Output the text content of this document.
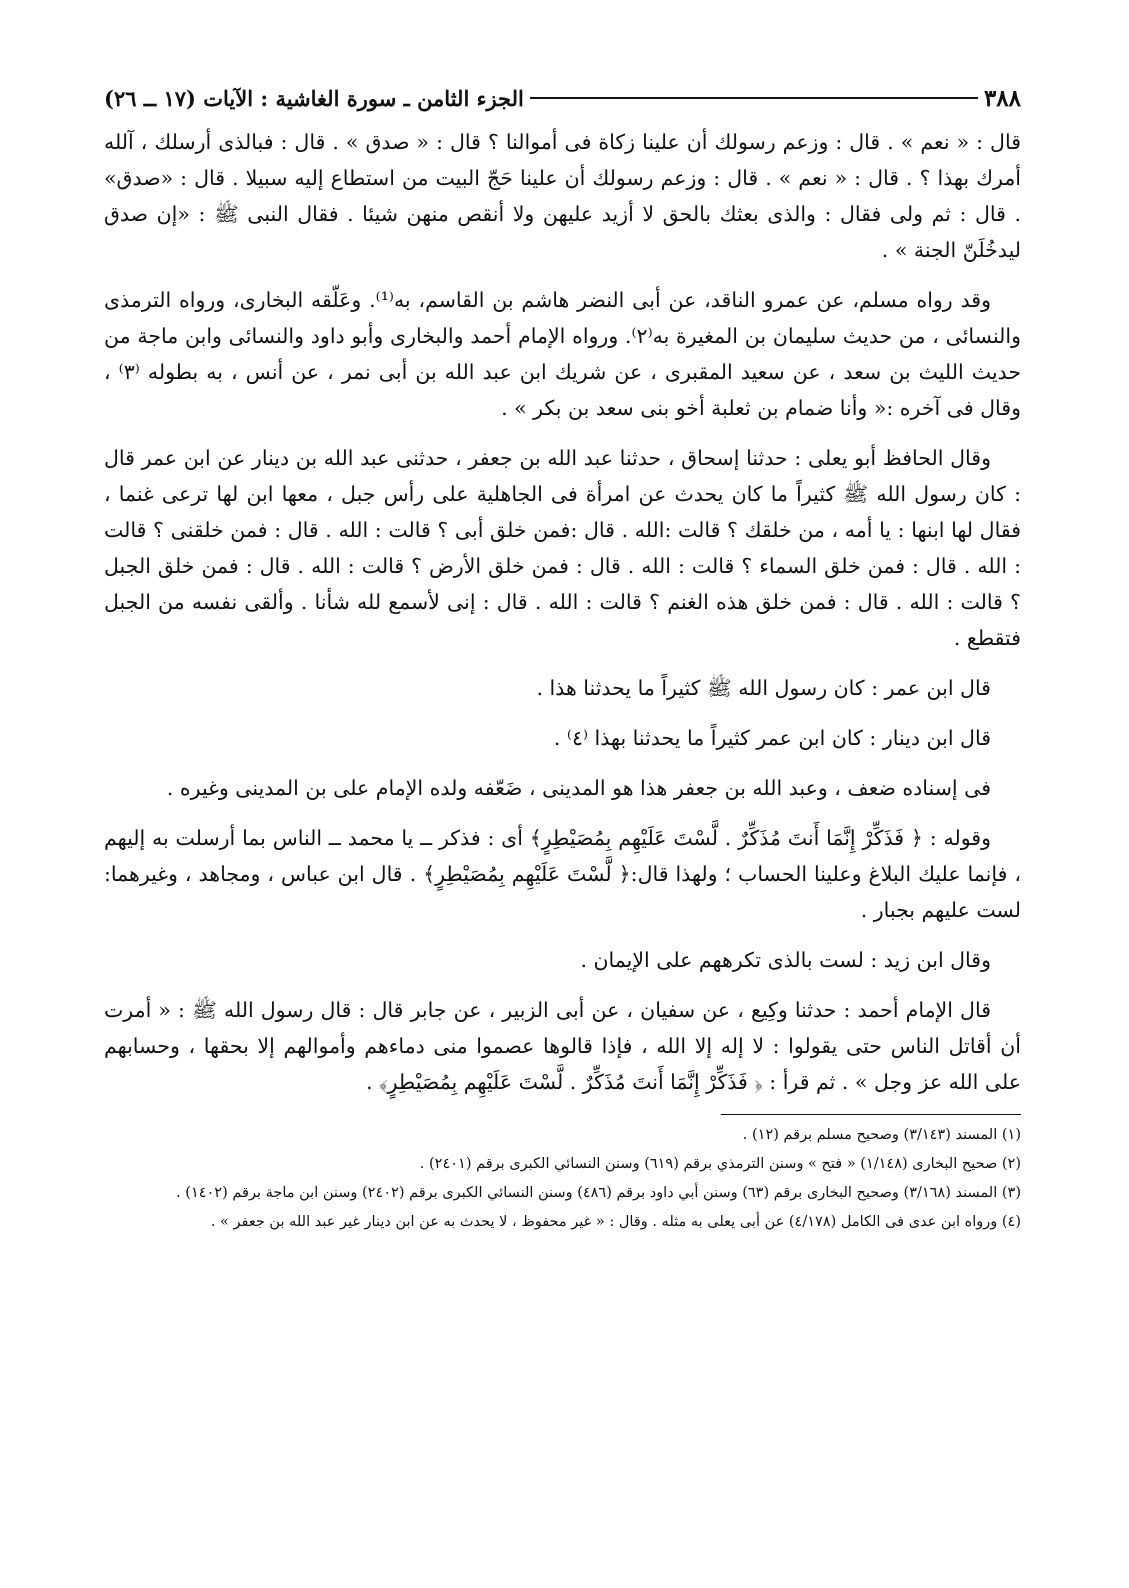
٣٨٨
الجزء الثامن ـ سورة الغاشية : الآيات (١٧ ــ ٢٦)

قال : « نعم » . قال : وزعم رسولك أن علينا زكاة فى أموالنا ؟ قال : « صدق » . قال : فبالذى أرسلك ، آلله أمرك بهذا ؟ . قال : « نعم » . قال : وزعم رسولك أن علينا حَجّ البيت من استطاع إليه سبيلا . قال : «صدق» . قال : ثم ولى فقال : والذى بعثك بالحق لا أزيد عليهن ولا أنقص منهن شيئا . فقال النبى ﷺ : «إن صدق ليدخُلَنّ الجنة » .

وقد رواه مسلم، عن عمرو الناقد، عن أبى النضر هاشم بن القاسم، به⁽¹⁾. وعَلّقه البخارى، ورواه الترمذى والنسائى ، من حديث سليمان بن المغيرة به⁽٢⁾. ورواه الإمام أحمد والبخارى وأبو داود والنسائى وابن ماجة من حديث الليث بن سعد ، عن سعيد المقبرى ، عن شريك ابن عبد الله بن أبى نمر ، عن أنس ، به بطوله ⁽٣⁾ ، وقال فى آخره :« وأنا ضمام بن ثعلبة أخو بنى سعد بن بكر » .

وقال الحافظ أبو يعلى : حدثنا إسحاق ، حدثنا عبد الله بن جعفر ، حدثنى عبد الله بن دينار عن ابن عمر قال : كان رسول الله ﷺ كثيراً ما كان يحدث عن امرأة فى الجاهلية على رأس جبل ، معها ابن لها ترعى غنما ، فقال لها ابنها : يا أمه ، من خلقك ؟ قالت :الله . قال :فمن خلق أبى ؟ قالت : الله . قال : فمن خلقنى ؟ قالت : الله . قال : فمن خلق السماء ؟ قالت : الله . قال : فمن خلق الأرض ؟ قالت : الله . قال : فمن خلق الجبل ؟ قالت : الله . قال : فمن خلق هذه الغنم ؟ قالت : الله . قال : إنى لأسمع لله شأنا . وألقى نفسه من الجبل فتقطع .

قال ابن عمر : كان رسول الله ﷺ كثيراً ما يحدثنا هذا .

قال ابن دينار : كان ابن عمر كثيراً ما يحدثنا بهذا ⁽٤⁾ .

فى إسناده ضعف ، وعبد الله بن جعفر هذا هو المدينى ، ضَعّفه ولده الإمام على بن المدينى وغيره .

وقوله : ﴿ فَذَكِّرْ إِنَّمَا أَنتَ مُذَكِّرٌ . لَّسْتَ عَلَيْهِم بِمُصَيْطِرٍ﴾ أى : فذكر ــ يا محمد ــ الناس بما أرسلت به إليهم ، فإنما عليك البلاغ وعلينا الحساب ؛ ولهذا قال:﴿ لَّسْتَ عَلَيْهِم بِمُصَيْطِرٍ﴾ . قال ابن عباس ، ومجاهد ، وغيرهما: لست عليهم بجبار .

وقال ابن زيد : لست بالذى تكرههم على الإيمان .

قال الإمام أحمد : حدثنا وكِيع ، عن سفيان ، عن أبى الزبير ، عن جابر قال : قال رسول الله ﷺ : « أمرت أن أقاتل الناس حتى يقولوا : لا إله إلا الله ، فإذا قالوها عصموا منى دماءهم وأموالهم إلا بحقها ، وحسابهم على الله عز وجل » . ثم قرأ : ﴿ فَذَكِّرْ إِنَّمَا أَنتَ مُذَكِّرٌ . لَّسْتَ عَلَيْهِم بِمُصَيْطِرٍ﴾ .

(١) المسند (٣/١٤٣) وصحيح مسلم برقم (١٢) .

(٢) صحيح البخارى (١/١٤٨) « فتح » وسنن الترمذي برقم (٦١٩) وسنن النسائي الكبرى برقم (٢٤٠١) .

(٣) المسند (٣/١٦٨) وصحيح البخارى برقم (٦٣) وسنن أبي داود برقم (٤٨٦) وسنن النسائي الكبرى برقم (٢٤٠٢) وسنن ابن ماجة برقم (١٤٠٢) .

(٤) ورواه ابن عدى فى الكامل (٤/١٧٨) عن أبى يعلى به مثله . وقال : « غير محفوظ ، لا يحدث به عن ابن دينار غير عبد الله بن جعفر » .
